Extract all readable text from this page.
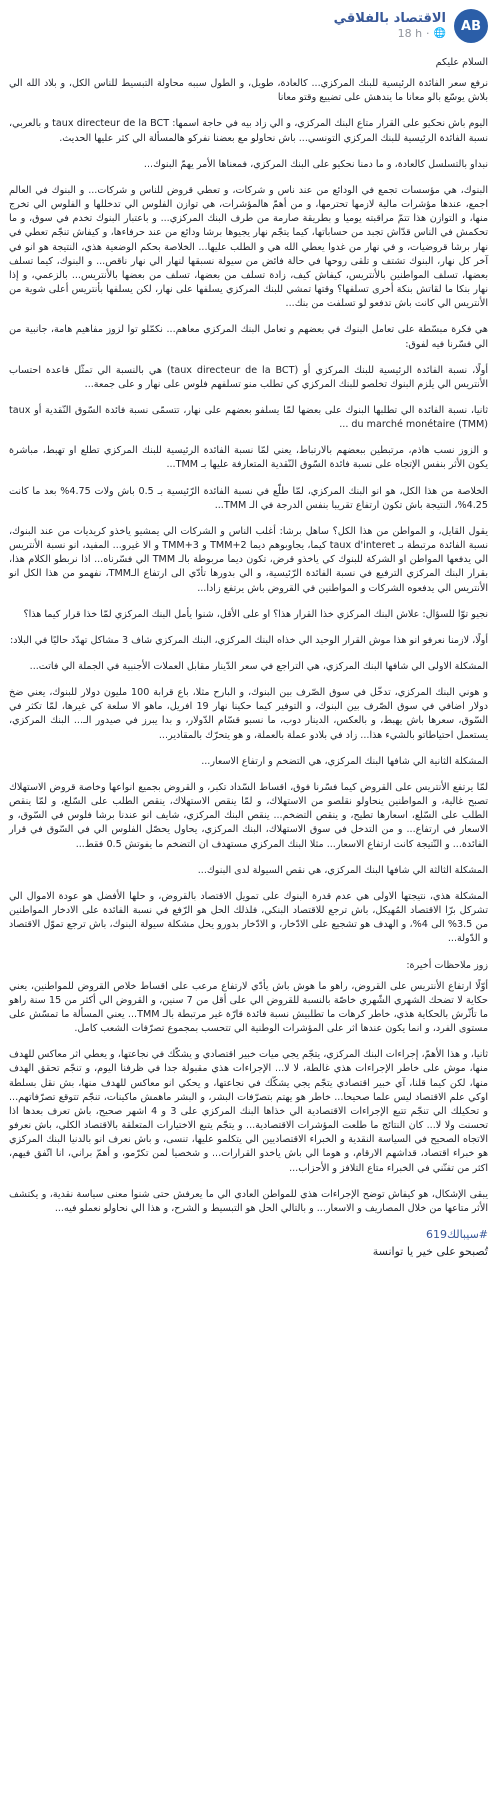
AB
الاقتصاد بالفلاقي
18 h · 🌐

السلام عليكم

نرفع سعر الفائدة الرئيسية للبنك المركزي... كالعادة، طويل، و الطول سببه محاولة التبسيط للناس الكل، و بلاد الله الي بلاش يوسّع بالو معانا ما يندهش على تضييع وقتو معانا

اليوم باش نحكيو على القرار متاع البنك المركزي، و الي زاد بيه في حاجة اسمها: taux directeur de la BCT و بالعربي، نسبة الفائدة الرئيسية للبنك المركزي التونسي... باش نحاولو مع بعضنا نفركو هالمسألة الي كثر عليها الحديث.

نبداو بالتسلسل كالعادة، و ما دمنا نحكيو على البنك المركزي، فمعناها الأمر يهمّ البنوك...

البنوك، هي مؤسسات تجمع في الودائع من عند ناس و شركات، و تعطي قروض للناس و شركات... و البنوك في العالم اجمع، عندها مؤشرات مالية لازمها تحترمها، و من أهمّ هالمؤشرات، هي توازن الفلوس الي تدخللها و الفلوس الي تخرج منها، و التوازن هذا تتمّ مراقبته يوميا و بطريقة صارمة من طرف البنك المركزي... و باعتبار البنوك تخدم في سوق، و ما تحكمش في الناس قدّاش تجبد من حساباتها، كيما يتجّم نهار يجيوها برشا ودائع من عند حرفاءها، و كيفاش تنجّم تعطي في نهار برشا قروضيات، و في نهار من غدوا يعطي الله هي و الطلب عليها... الخلاصة بحكم الوضعية هذي، النتيجة هو انو في آخر كل نهار، البنوك تشتف و تلقى روحها في حالة فائض من سيولة نسبقها لنهار الي نهار ناقص... و البنوك، كيما تسلف بعضها، تسلف المواطنين بالأنتريس، كيفاش كيف، زادة تسلف من بعضها، تسلف من بعضها بالأنتريس... بالزعمي، و إذا نهار بنكا ما لقاتش بنكة أخرى تسلفها؟ وقتها تمشي للبنك المركزي يسلفها على نهار، لكن يسلفها بأنتريس أعلى شوية من الأنتريس الي كانت باش تدفعو لو تسلفت من بنك...

هي فكرة مبسّطة على تعامل البنوك في بعضهم و تعامل البنك المركزي معاهم... نكمّلو توا لزوز مفاهيم هامة، جانبية من الي فسّرنا فيه لفوق:

أولًا، نسبة الفائدة الرئيسية للبنك المركزي أو (taux directeur de la BCT) هي بالنسبة الي تمثّل قاعدة احتساب الأنتريس الي يلزم البنوك تخلصو للبنك المركزي كي تطلب منو تسلفهم فلوس على نهار و على جمعة...

ثانيا، نسبة الفائدة الي تطلبها البنوك على بعضها لمّا يسلفو بعضهم على نهار، تتسمّى نسبة فائدة السّوق النّقدية أو taux du marché monétaire (TMM) ...

و الزوز نسب هاذم، مرتبطين ببعضهم بالارتباط، يعني لمّا نسبة الفائدة الرئيسية للبنك المركزي تطلع او تهبط، مباشرة يكون الأثر بنفس الإتجاه على نسبة فائدة السّوق النّقدية المتعارفة عليها بـ TMM...

الخلاصة من هذا الكل، هو انو البنك المركزي، لمّا طلّع في نسبة الفائدة الرّئيسية بـ 0.5 باش ولات 4.75% بعد ما كانت 4.25%، النتيجة باش تكون ارتفاع تقريبا بنفس الدرجة في الـ TMM...

يقول القايل، و المواطن من هذا الكل؟ ساهل برشا: أغلب الناس و الشركات الي يمشيو ياخذو كريديات من عند البنوك، نسبة الفائدة مرتبطة بـ taux d'interet كيما، يجاوبوهم ديما TMM+2 و TMM+3 و الا غيرو... المفيد، انو نسبة الأنتريس الي يدفعها المواطن او الشركة للبنوك كي ياخذو قرض، تكون ديما مربوطة بالـ TMM الي فسّرناه... اذا نربطو الكلام هذا، بقرار البنك المركزي الترفيع في نسبة الفائدة الرّئيسية، و الي بدورها تأدّي الى ارتفاع الـTMM، نفهمو من هذا الكل انو الأنتريس الي يدفعوه الشركات و المواطنين في القروض باش يرتفع زادا...

نجيو توّا للسؤال: علاش البنك المركزي خذا القرار هذا؟ او على الأقل، شنوا يأمل البنك المركزي لمّا خذا قرار كيما هذا؟

أولًا، لازمنا نعرفو انو هذا موش القرار الوحيد الي خذاه البنك المركزي، البنك المركزي شاف 3 مشاكل تهدّد حاليًا في البلاد:

المشكلة الاولى الي شافها البنك المركزي، هي التراجع في سعر الدّينار مقابل العملات الأجنبية في الجملة الي فاتت...

و هوني البنك المركزي، تدخّل في سوق الصّرف بين البنوك، و البارح مثلا، باع قرابة 100 مليون دولار للبنوك، يعني ضخ دولار اضافي في سوق الصّرف بين البنوك، و التوفير كيما حكينا نهار 19 افريل، ماهو الا سلعة كي غيرها، لمّا تكثر في السّوق، سعرها باش يهبط، و بالعكس، الدينار دوب، ما نسبو قسّام الدّولار، و بدا يبرز في صيدور الـ... البنك المركزي، يستعمل احتياطاتو بالشيء هذا... زاد في بلادو عملة بالعملة، و هو يتحرّك بالمقادير...

المشكلة الثانية الي شافها البنك المركزي، هي التضخم و ارتفاع الاسعار...

لمّا يرتفع الأنتريس على القروض كيما فسّرنا فوق، اقساط السّداد تكبر، و القروض بجميع انواعها وخاصة قروض الاستهلاك تصبح غالية، و المواطنين ينحاولو نقلصو من الاستهلاك، و لمّا ينقص الاستهلاك، ينقص الطلب على السّلع، و لمّا ينقص الطلب على السّلع، اسعارها تطيح، و ينقص التضخم... ينقص البنك المركزي، شايف انو عندنا برشا فلوس في السّوق، و الاسعار في ارتفاع... و من التدخل في سوق الاستهلاك، البنك المركزي، يحاول يحصّل الفلوس الي في السّوق في قرار الفائدة... و النّتيجة كانت ارتفاع الاسعار... مثلا البنك المركزي مستهدف ان التضخم ما يفوتش 0.5 فقط...

المشكلة الثالثة الي شافها البنك المركزي، هي نقص السيولة لدى البنوك...

المشكلة هذي، نتيجتها الاولى هي عدم قدرة البنوك على تمويل الاقتصاد بالقروض، و حلها الأفضل هو عودة الاموال الي تشركل برّا الاقتصاد المُهيكل، باش ترجع للاقتصاد البنكي، فلذلك الحل هو الرّفع في نسبة الفائدة على الادخار المواطنين من 3.5% الى 4%، و الهدف هو تشجيع على الادّخار، و الادّخار بدورو يحل مشكلة سيولة البنوك، باش ترجع تموّل الاقتصاد و الدّولة...

زوز ملاحظات أخيرة:

أوّلًا ارتفاع الأنتريس على القروض، راهو ما هوش باش يأدّي لارتفاع مرعب على اقساط خلاص القروض للمواطنين، يعني حكاية لا تضحك الشهري الشّهري خاصّة بالنسبة للقروض الي على أقل من 7 سنين، و القروض الي أكثر من 15 سنة راهو ما تأثّرش بالحكاية هذي، خاطر كرهات ما تطلبيش نسبة فائدة قارّة غير مرتبطة بالـ TMM... يعني المسألة ما تمسّش على مستوى الفرد، و انما يكون عندها اثر على المؤشرات الوطنية الي تتحسب بمجموع تصرّفات الشعب كامل.

ثانيا، و هذا الأهمّ، إجراءات البنك المركزي، يتجّم يجي ميات خبير اقتصادي و يشكّك في نجاعتها، و يعطي اثر معاكس للهدف منها، موش على خاطر الإجراءات هذي غالطة، لا لا... الإجراءات هذي مقبولة جدا في ظرفنا اليوم، و تنجّم تحقق الهدف منها، لكن كيما قلنا، آي خبير اقتصادي يتجّم يجي يشكّك في نجاعتها، و يحكي انو معاكس للهدف منها، بش نقل بسلطة اوكي علم الاقتصاد ليس علما صحيحا... خاطر هو يهتم بتصرّفات البشر، و البشر ماهمش ماكينات، تنجّم تتوقع تصرّفاتهم... و تحكيلك الي تنجّم تتبع الإجراءات الاقتصادية الي خذاها البنك المركزي على 3 و 4 اشهر صحيح، باش تعرف بعدها اذا تحسنت ولا لا... كان النتائج ما طلعت المؤشرات الاقتصادية... و يتجّم يتبع الاختيارات المتعلقة بالاقتصاد الكلي، باش نعرفو الاتجاه الصحيح في السياسة النقدية و الخبراء الاقتصاديين الي يتكلمو عليها، تنسى، و باش نعرف انو بالدنيا البنك المركزي هو خبراء اقتصاد، قداشهم الارقام، و هوما الي باش ياخدو القرارات... و شخصيا لمن تكرّمو، و أهمّ براني، انا اتّفق فيهم، اكثر من تفنّني في الخبراء متاع التلافز و الأحزاب...

يبقى الإشكال، هو كيفاش توضح الإجراءات هذي للمواطن العادي الي ما يعرفش حتى شنوا معنى سياسة نقدية، و يكتشف الأثر متاعها من خلال المصاريف و الاسعار... و بالتالي الحل هو التبسيط و الشرح، و هذا الي نحاولو نعملو فيه...

#سيبالك619
تُصبحو على خير يا توانسة
